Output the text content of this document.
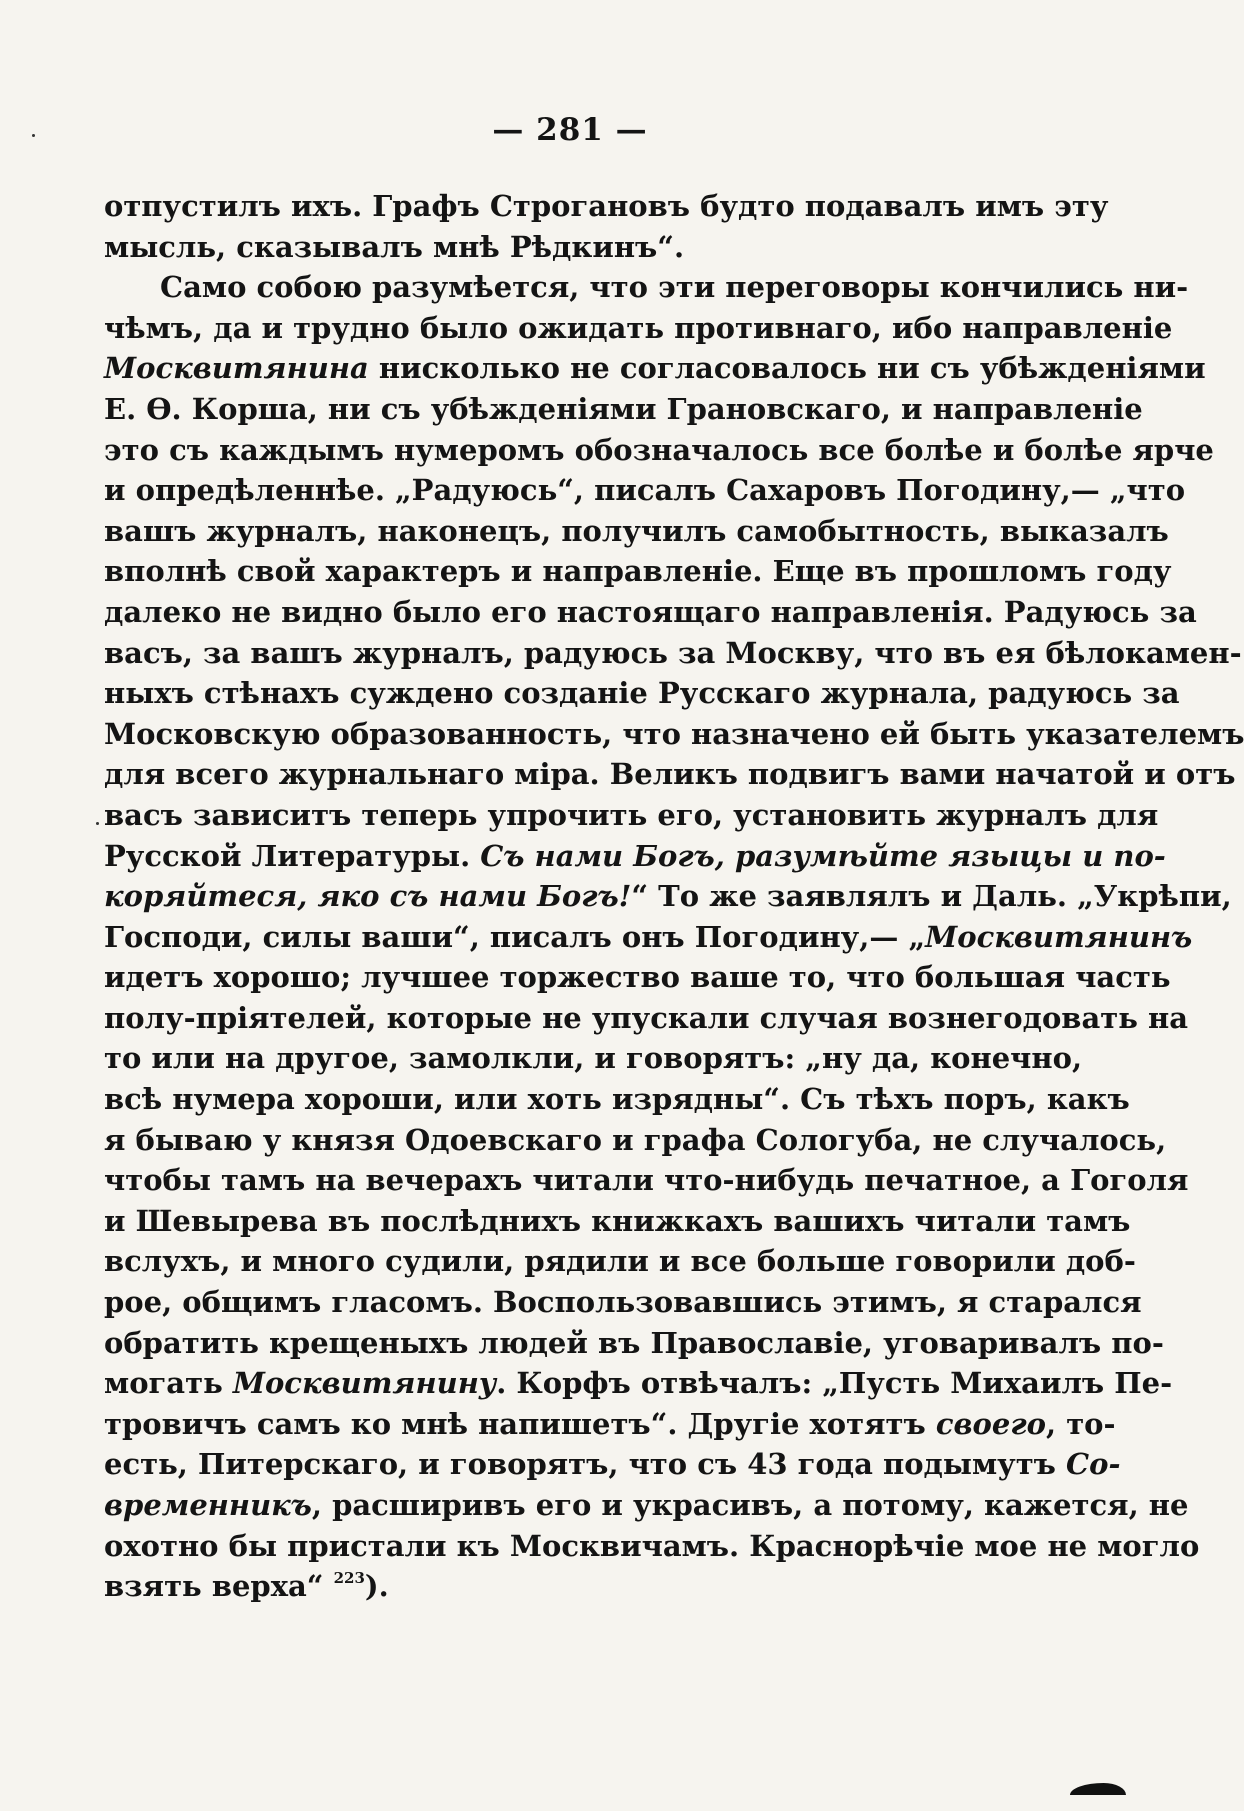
— 281 —
отпустилъ ихъ. Графъ Строгановъ будто подавалъ имъ эту
мысль, сказывалъ мнѣ Рѣдкинъ“.
Само собою разумѣется, что эти переговоры кончились ни-
чѣмъ, да и трудно было ожидать противнаго, ибо направленіе
Москвитянина нисколько не согласовалось ни съ убѣжденіями
Е. Ѳ. Корша, ни съ убѣжденіями Грановскаго, и направленіе
это съ каждымъ нумеромъ обозначалось все болѣе и болѣе ярче
и опредѣленнѣе. „Радуюсь“, писалъ Сахаровъ Погодину,— „что
вашъ журналъ, наконецъ, получилъ самобытность, выказалъ
вполнѣ свой характеръ и направленіе. Еще въ прошломъ году
далеко не видно было его настоящаго направленія. Радуюсь за
васъ, за вашъ журналъ, радуюсь за Москву, что въ ея бѣлокамен-
ныхъ стѣнахъ суждено созданіе Русскаго журнала, радуюсь за
Московскую образованность, что назначено ей быть указателемъ
для всего журнальнаго міра. Великъ подвигъ вами начатой и отъ
васъ зависитъ теперь упрочить его, установить журналъ для
Русской Литературы. Съ нами Богъ, разумѣйте языцы и по-
коряйтеся, яко съ нами Богъ!“ То же заявлялъ и Даль. „Укрѣпи,
Господи, силы ваши“, писалъ онъ Погодину,— „Москвитянинъ
идетъ хорошо; лучшее торжество ваше то, что большая часть
полу-пріятелей, которые не упускали случая вознегодовать на
то или на другое, замолкли, и говорятъ: „ну да, конечно,
всѣ нумера хороши, или хоть изрядны“. Съ тѣхъ поръ, какъ
я бываю у князя Одоевскаго и графа Сологуба, не случалось,
чтобы тамъ на вечерахъ читали что-нибудь печатное, а Гоголя
и Шевырева въ послѣднихъ книжкахъ вашихъ читали тамъ
вслухъ, и много судили, рядили и все больше говорили доб-
рое, общимъ гласомъ. Воспользовавшись этимъ, я старался
обратить крещеныхъ людей въ Православіе, уговаривалъ по-
могать Москвитянину. Корфъ отвѣчалъ: „Пусть Михаилъ Пе-
тровичъ самъ ко мнѣ напишетъ“. Другіе хотятъ своего, то-
есть, Питерскаго, и говорятъ, что съ 43 года подымутъ Со-
временникъ, расширивъ его и украсивъ, а потому, кажется, не
охотно бы пристали къ Москвичамъ. Краснорѣчіе мое не могло
взять верха“ $^{223}$).
